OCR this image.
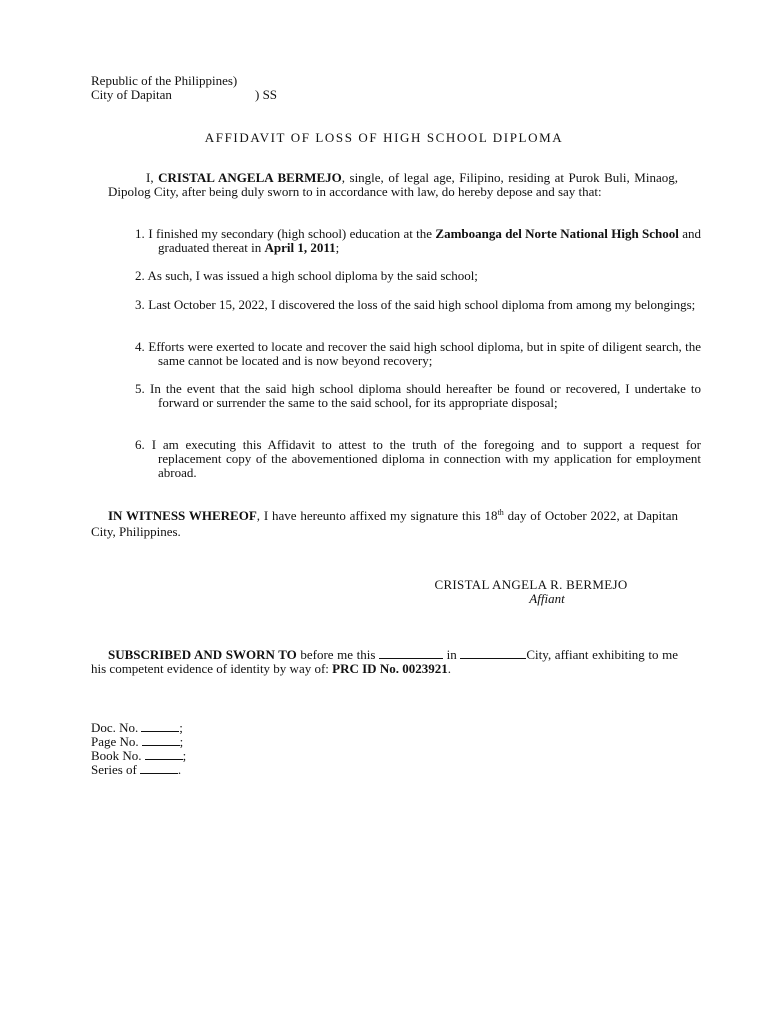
Republic of the Philippines)
City of Dapitan	) SS
AFFIDAVIT OF LOSS OF HIGH SCHOOL DIPLOMA
I, CRISTAL ANGELA BERMEJO, single, of legal age, Filipino, residing at Purok Buli, Minaog, Dipolog City, after being duly sworn to in accordance with law, do hereby depose and say that:
1. I finished my secondary (high school) education at the Zamboanga del Norte National High School and graduated thereat in April 1, 2011;
2. As such, I was issued a high school diploma by the said school;
3. Last October 15, 2022, I discovered the loss of the said high school diploma from among my belongings;
4. Efforts were exerted to locate and recover the said high school diploma, but in spite of diligent search, the same cannot be located and is now beyond recovery;
5. In the event that the said high school diploma should hereafter be found or recovered, I undertake to forward or surrender the same to the said school, for its appropriate disposal;
6. I am executing this Affidavit to attest to the truth of the foregoing and to support a request for replacement copy of the abovementioned diploma in connection with my application for employment abroad.
IN WITNESS WHEREOF, I have hereunto affixed my signature this 18th day of October 2022, at Dapitan City, Philippines.
CRISTAL ANGELA R. BERMEJO
Affiant
SUBSCRIBED AND SWORN TO before me this	in	City, affiant exhibiting to me his competent evidence of identity by way of: PRC ID No. 0023921.
Doc. No.	;
Page No.	;
Book No.	;
Series of	.
